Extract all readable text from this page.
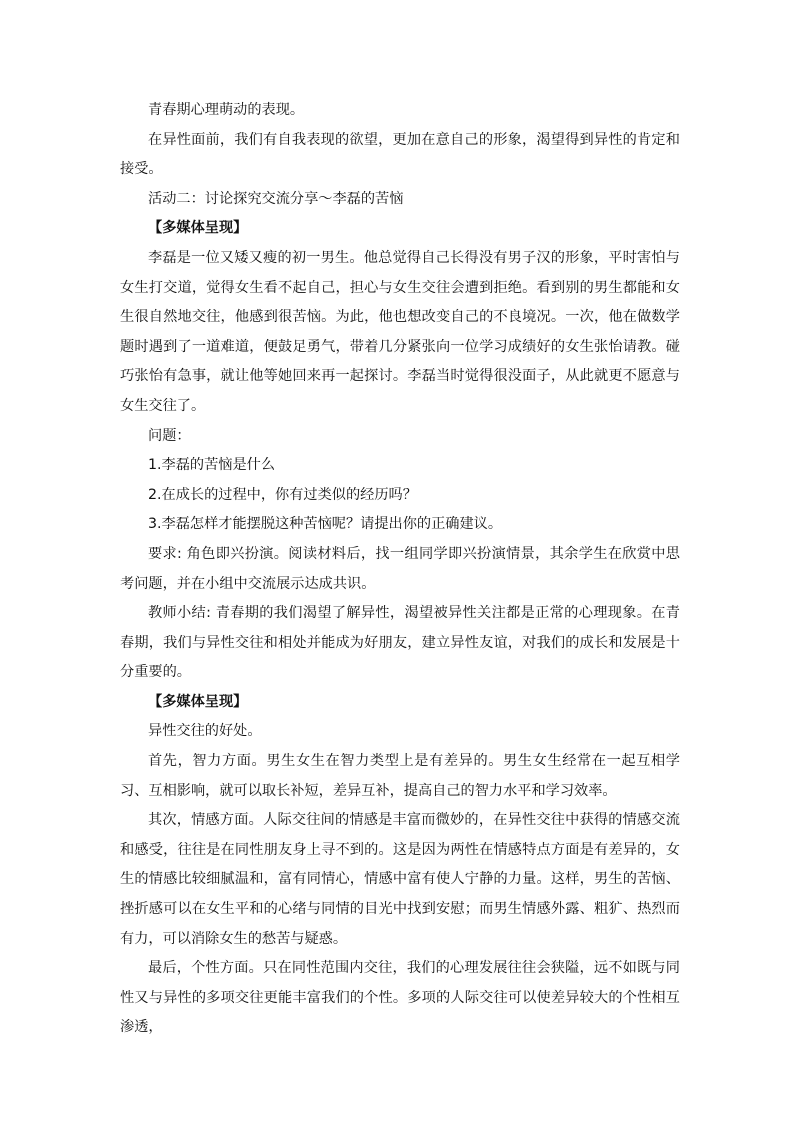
青春期心理萌动的表现。

在异性面前，我们有自我表现的欲望，更加在意自己的形象，渴望得到异性的肯定和接受。

活动二：讨论探究交流分享～李磊的苦恼

【多媒体呈现】

李磊是一位又矮又瘦的初一男生。他总觉得自己长得没有男子汉的形象，平时害怕与女生打交道，觉得女生看不起自己，担心与女生交往会遭到拒绝。看到别的男生都能和女生很自然地交往，他感到很苦恼。为此，他也想改变自己的不良境况。一次，他在做数学题时遇到了一道难道，便鼓足勇气，带着几分紧张向一位学习成绩好的女生张怡请教。碰巧张怡有急事，就让他等她回来再一起探讨。李磊当时觉得很没面子，从此就更不愿意与女生交往了。

问题：

1.李磊的苦恼是什么

2.在成长的过程中，你有过类似的经历吗？

3.李磊怎样才能摆脱这种苦恼呢？请提出你的正确建议。

要求: 角色即兴扮演。阅读材料后，找一组同学即兴扮演情景，其余学生在欣赏中思考问题，并在小组中交流展示达成共识。

教师小结: 青春期的我们渴望了解异性，渴望被异性关注都是正常的心理现象。在青春期，我们与异性交往和相处并能成为好朋友，建立异性友谊，对我们的成长和发展是十分重要的。

【多媒体呈现】

异性交往的好处。

首先，智力方面。男生女生在智力类型上是有差异的。男生女生经常在一起互相学习、互相影响，就可以取长补短，差异互补，提高自己的智力水平和学习效率。

其次，情感方面。人际交往间的情感是丰富而微妙的，在异性交往中获得的情感交流和感受，往往是在同性朋友身上寻不到的。这是因为两性在情感特点方面是有差异的，女生的情感比较细腻温和，富有同情心，情感中富有使人宁静的力量。这样，男生的苦恼、挫折感可以在女生平和的心绪与同情的目光中找到安慰；而男生情感外露、粗犷、热烈而有力，可以消除女生的愁苦与疑惑。

最后，个性方面。只在同性范围内交往，我们的心理发展往往会狭隘，远不如既与同性又与异性的多项交往更能丰富我们的个性。多项的人际交往可以使差异较大的个性相互渗透，
